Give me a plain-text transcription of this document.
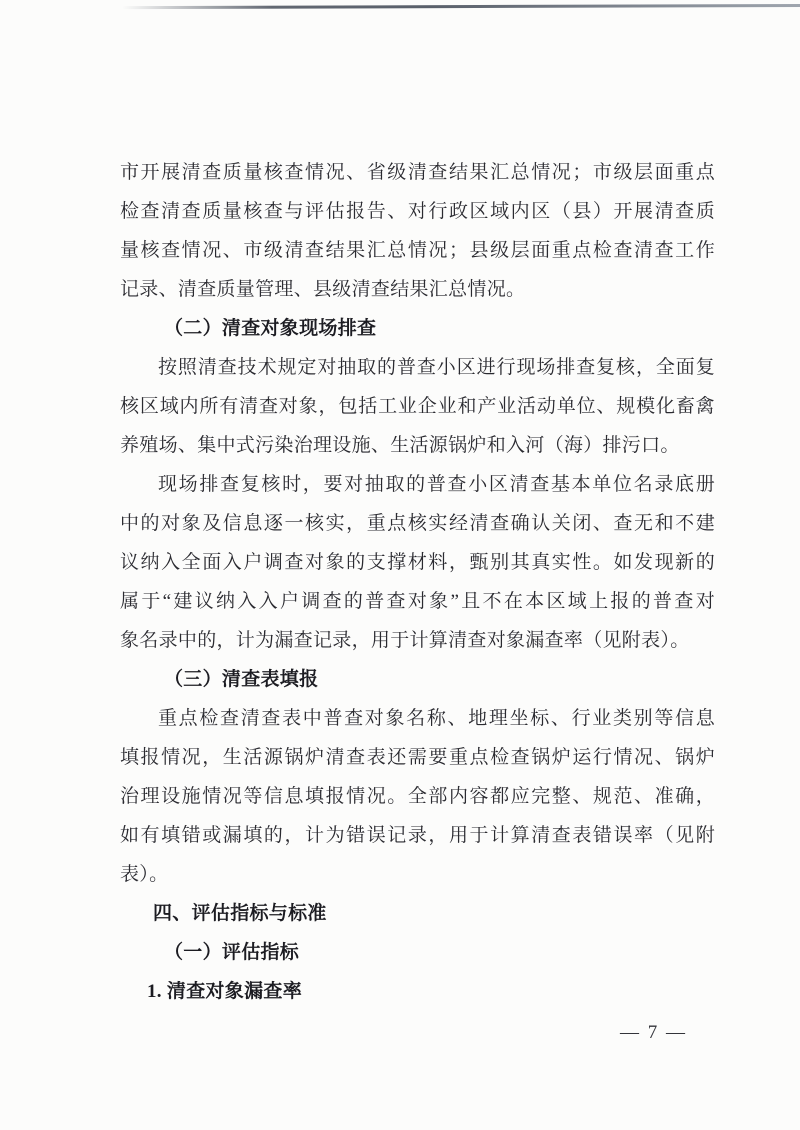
市开展清查质量核查情况、省级清查结果汇总情况；市级层面重点
检查清查质量核查与评估报告、对行政区域内区（县）开展清查质
量核查情况、市级清查结果汇总情况；县级层面重点检查清查工作
记录、清查质量管理、县级清查结果汇总情况。
（二）清查对象现场排查
按照清查技术规定对抽取的普查小区进行现场排查复核，全面复
核区域内所有清查对象，包括工业企业和产业活动单位、规模化畜禽
养殖场、集中式污染治理设施、生活源锅炉和入河（海）排污口。
现场排查复核时，要对抽取的普查小区清查基本单位名录底册
中的对象及信息逐一核实，重点核实经清查确认关闭、查无和不建
议纳入全面入户调查对象的支撑材料，甄别其真实性。如发现新的
属于“建议纳入入户调查的普查对象”且不在本区域上报的普查对
象名录中的，计为漏查记录，用于计算清查对象漏查率（见附表）。
（三）清查表填报
重点检查清查表中普查对象名称、地理坐标、行业类别等信息
填报情况，生活源锅炉清查表还需要重点检查锅炉运行情况、锅炉
治理设施情况等信息填报情况。全部内容都应完整、规范、准确，
如有填错或漏填的，计为错误记录，用于计算清查表错误率（见附
表）。
四、评估指标与标准
（一）评估指标
1. 清查对象漏查率
— 7 —
